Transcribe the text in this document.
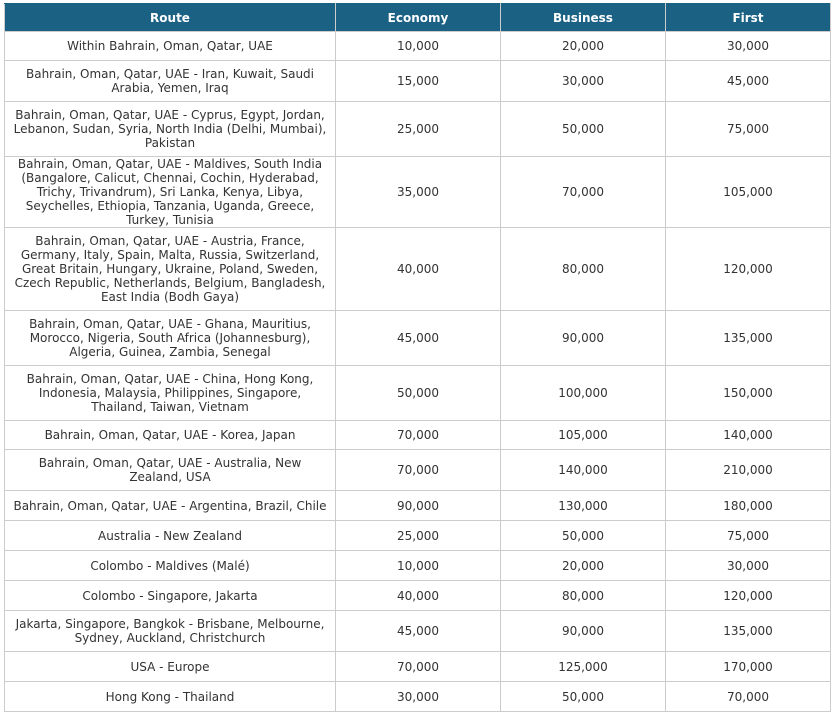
Route	Economy	Business	First
Within Bahrain, Oman, Qatar, UAE	10,000	20,000	30,000
Bahrain, Oman, Qatar, UAE - Iran, Kuwait, Saudi Arabia, Yemen, Iraq	15,000	30,000	45,000
Bahrain, Oman, Qatar, UAE - Cyprus, Egypt, Jordan, Lebanon, Sudan, Syria, North India (Delhi, Mumbai), Pakistan	25,000	50,000	75,000
Bahrain, Oman, Qatar, UAE - Maldives, South India (Bangalore, Calicut, Chennai, Cochin, Hyderabad, Trichy, Trivandrum), Sri Lanka, Kenya, Libya, Seychelles, Ethiopia, Tanzania, Uganda, Greece, Turkey, Tunisia	35,000	70,000	105,000
Bahrain, Oman, Qatar, UAE - Austria, France, Germany, Italy, Spain, Malta, Russia, Switzerland, Great Britain, Hungary, Ukraine, Poland, Sweden, Czech Republic, Netherlands, Belgium, Bangladesh, East India (Bodh Gaya)	40,000	80,000	120,000
Bahrain, Oman, Qatar, UAE - Ghana, Mauritius, Morocco, Nigeria, South Africa (Johannesburg), Algeria, Guinea, Zambia, Senegal	45,000	90,000	135,000
Bahrain, Oman, Qatar, UAE - China, Hong Kong, Indonesia, Malaysia, Philippines, Singapore, Thailand, Taiwan, Vietnam	50,000	100,000	150,000
Bahrain, Oman, Qatar, UAE - Korea, Japan	70,000	105,000	140,000
Bahrain, Oman, Qatar, UAE - Australia, New Zealand, USA	70,000	140,000	210,000
Bahrain, Oman, Qatar, UAE - Argentina, Brazil, Chile	90,000	130,000	180,000
Australia - New Zealand	25,000	50,000	75,000
Colombo - Maldives (Malé)	10,000	20,000	30,000
Colombo - Singapore, Jakarta	40,000	80,000	120,000
Jakarta, Singapore, Bangkok - Brisbane, Melbourne, Sydney, Auckland, Christchurch	45,000	90,000	135,000
USA - Europe	70,000	125,000	170,000
Hong Kong - Thailand	30,000	50,000	70,000
